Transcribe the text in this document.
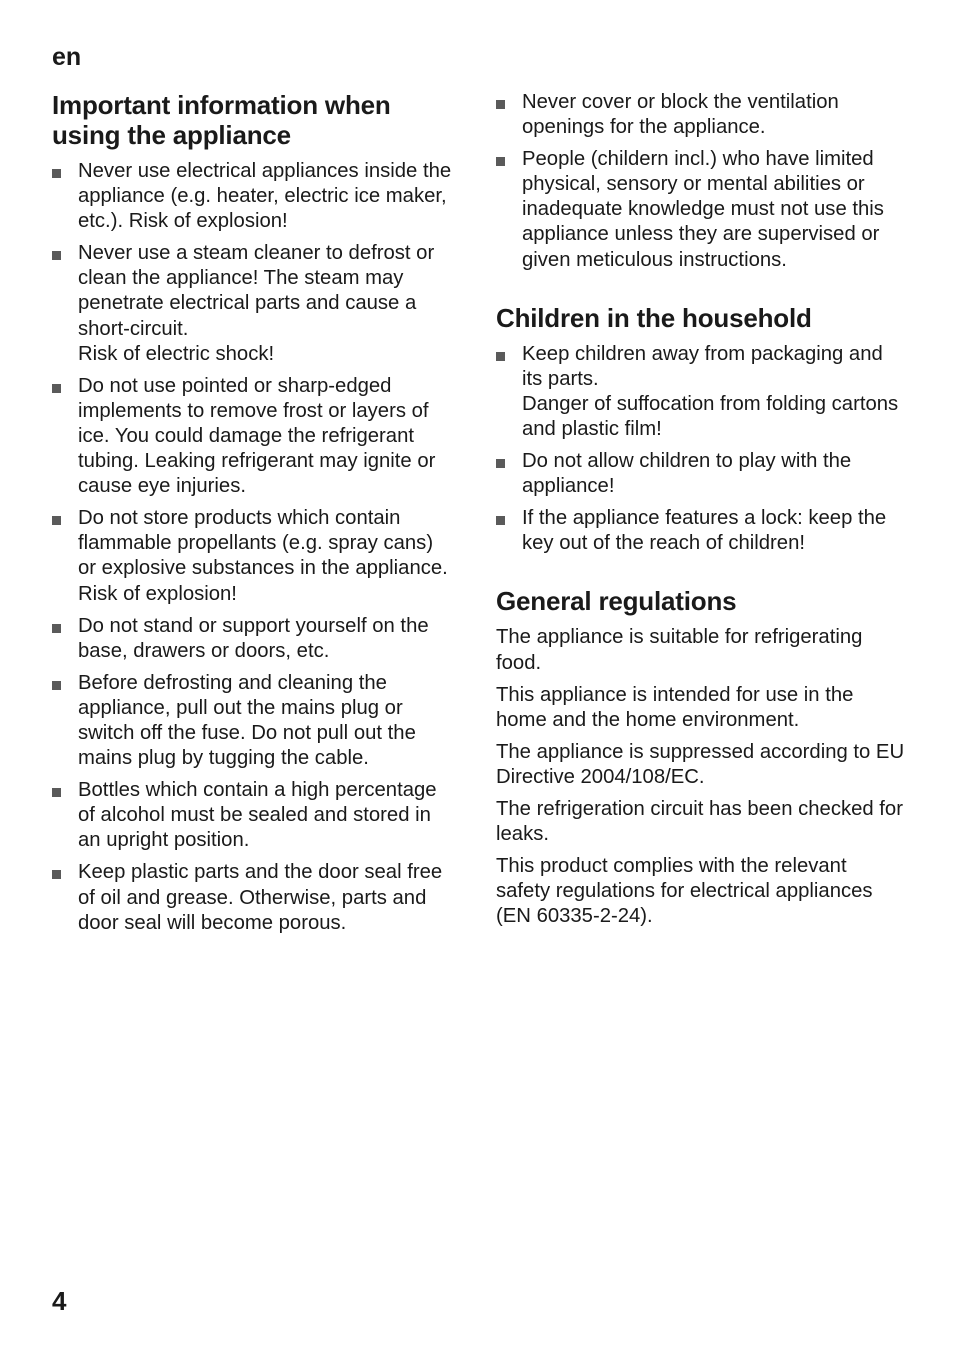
en
Important information when using the appliance
Never use electrical appliances inside the appliance (e.g. heater, electric ice maker, etc.). Risk of explosion!
Never use a steam cleaner to defrost or clean the appliance! The steam may penetrate electrical parts and cause a short-circuit.
Risk of electric shock!
Do not use pointed or sharp-edged implements to remove frost or layers of ice. You could damage the refrigerant tubing. Leaking refrigerant may ignite or cause eye injuries.
Do not store products which contain flammable propellants (e.g. spray cans) or explosive substances in the appliance. Risk of explosion!
Do not stand or support yourself on the base, drawers or doors, etc.
Before defrosting and cleaning the appliance, pull out the mains plug or switch off the fuse. Do not pull out the mains plug by tugging the cable.
Bottles which contain a high percentage of alcohol must be sealed and stored in an upright position.
Keep plastic parts and the door seal free of oil and grease. Otherwise, parts and door seal will become porous.
Never cover or block the ventilation openings for the appliance.
People (childern incl.) who have limited physical, sensory or mental abilities or inadequate knowledge must not use this appliance unless they are supervised or given meticulous instructions.
Children in the household
Keep children away from packaging and its parts.
Danger of suffocation from folding cartons and plastic film!
Do not allow children to play with the appliance!
If the appliance features a lock: keep the key out of the reach of children!
General regulations

The appliance is suitable for refrigerating food.

This appliance is intended for use in the home and the home environment.

The appliance is suppressed according to EU Directive 2004/108/EC.

The refrigeration circuit has been checked for leaks.

This product complies with the relevant safety regulations for electrical appliances (EN 60335-2-24).

4
